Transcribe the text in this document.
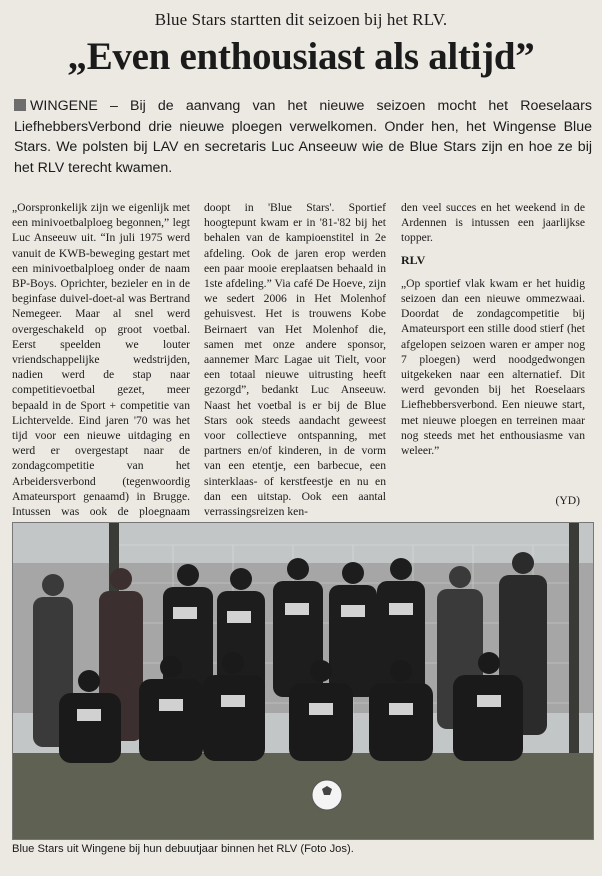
Blue Stars startten dit seizoen bij het RLV.
„Even enthousiast als altijd”
WINGENE – Bij de aanvang van het nieuwe seizoen mocht het Roeselaars LiefhebbersVerbond drie nieuwe ploegen verwelkomen. Onder hen, het Wingense Blue Stars. We polsten bij LAV en secretaris Luc Anseeuw wie de Blue Stars zijn en hoe ze bij het RLV terecht kwamen.

„Oorspronkelijk zijn we eigenlijk met een minivoetbalploeg begonnen,” legt Luc Anseeuw uit. “In juli 1975 werd vanuit de KWB-beweging gestart met een minivoetbalploeg onder de naam BP-Boys. Oprichter, bezieler en in de beginfase duivel-doet-al was Bertrand Nemegeer. Maar al snel werd overgeschakeld op groot voetbal. Eerst speelden we louter vriendschappelijke wedstrijden, nadien werd de stap naar competitievoetbal gezet, meer bepaald in de Sport + competitie van Lichtervelde. Eind jaren '70 was het tijd voor een nieuwe uitdaging en werd er overgestapt naar de zondagcompetitie van het Arbeidersverbond (tegenwoordig Amateursport genaamd) in Brugge. Intussen was ook de ploegnaam

doopt in 'Blue Stars'. Sportief hoogtepunt kwam er in '81-'82 bij het behalen van de kampioenstitel in 2e afdeling. Ook de jaren erop werden een paar mooie ereplaatsen behaald in 1ste afdeling.” Via café De Hoeve, zijn we sedert 2006 in Het Molenhof gehuisvest. Het is trouwens Kobe Beirnaert van Het Molenhof die, samen met onze andere sponsor, aannemer Marc Lagae uit Tielt, voor een totaal nieuwe uitrusting heeft gezorgd”, bedankt Luc Anseeuw. Naast het voetbal is er bij de Blue Stars ook steeds aandacht geweest voor collectieve ontspanning, met partners en/of kinderen, in de vorm van een etentje, een barbecue, een sinterklaas- of kerstfeestje en nu en dan een uitstap. Ook een aantal verrassingsreizen ken-

den veel succes en het weekend in de Ardennen is intussen een jaarlijkse topper.

RLV

„Op sportief vlak kwam er het huidig seizoen dan een nieuwe ommezwaai. Doordat de zondagcompetitie bij Amateursport een stille dood stierf (het afgelopen seizoen waren er amper nog 7 ploegen) werd noodgedwongen uitgekeken naar een alternatief. Dit werd gevonden bij het Roeselaars Liefhebbersverbond. Een nieuwe start, met nieuwe ploegen en terreinen maar nog steeds met het enthousiasme van weleer.”

(YD)
Blue Stars uit Wingene bij hun debuutjaar binnen het RLV (Foto Jos).
